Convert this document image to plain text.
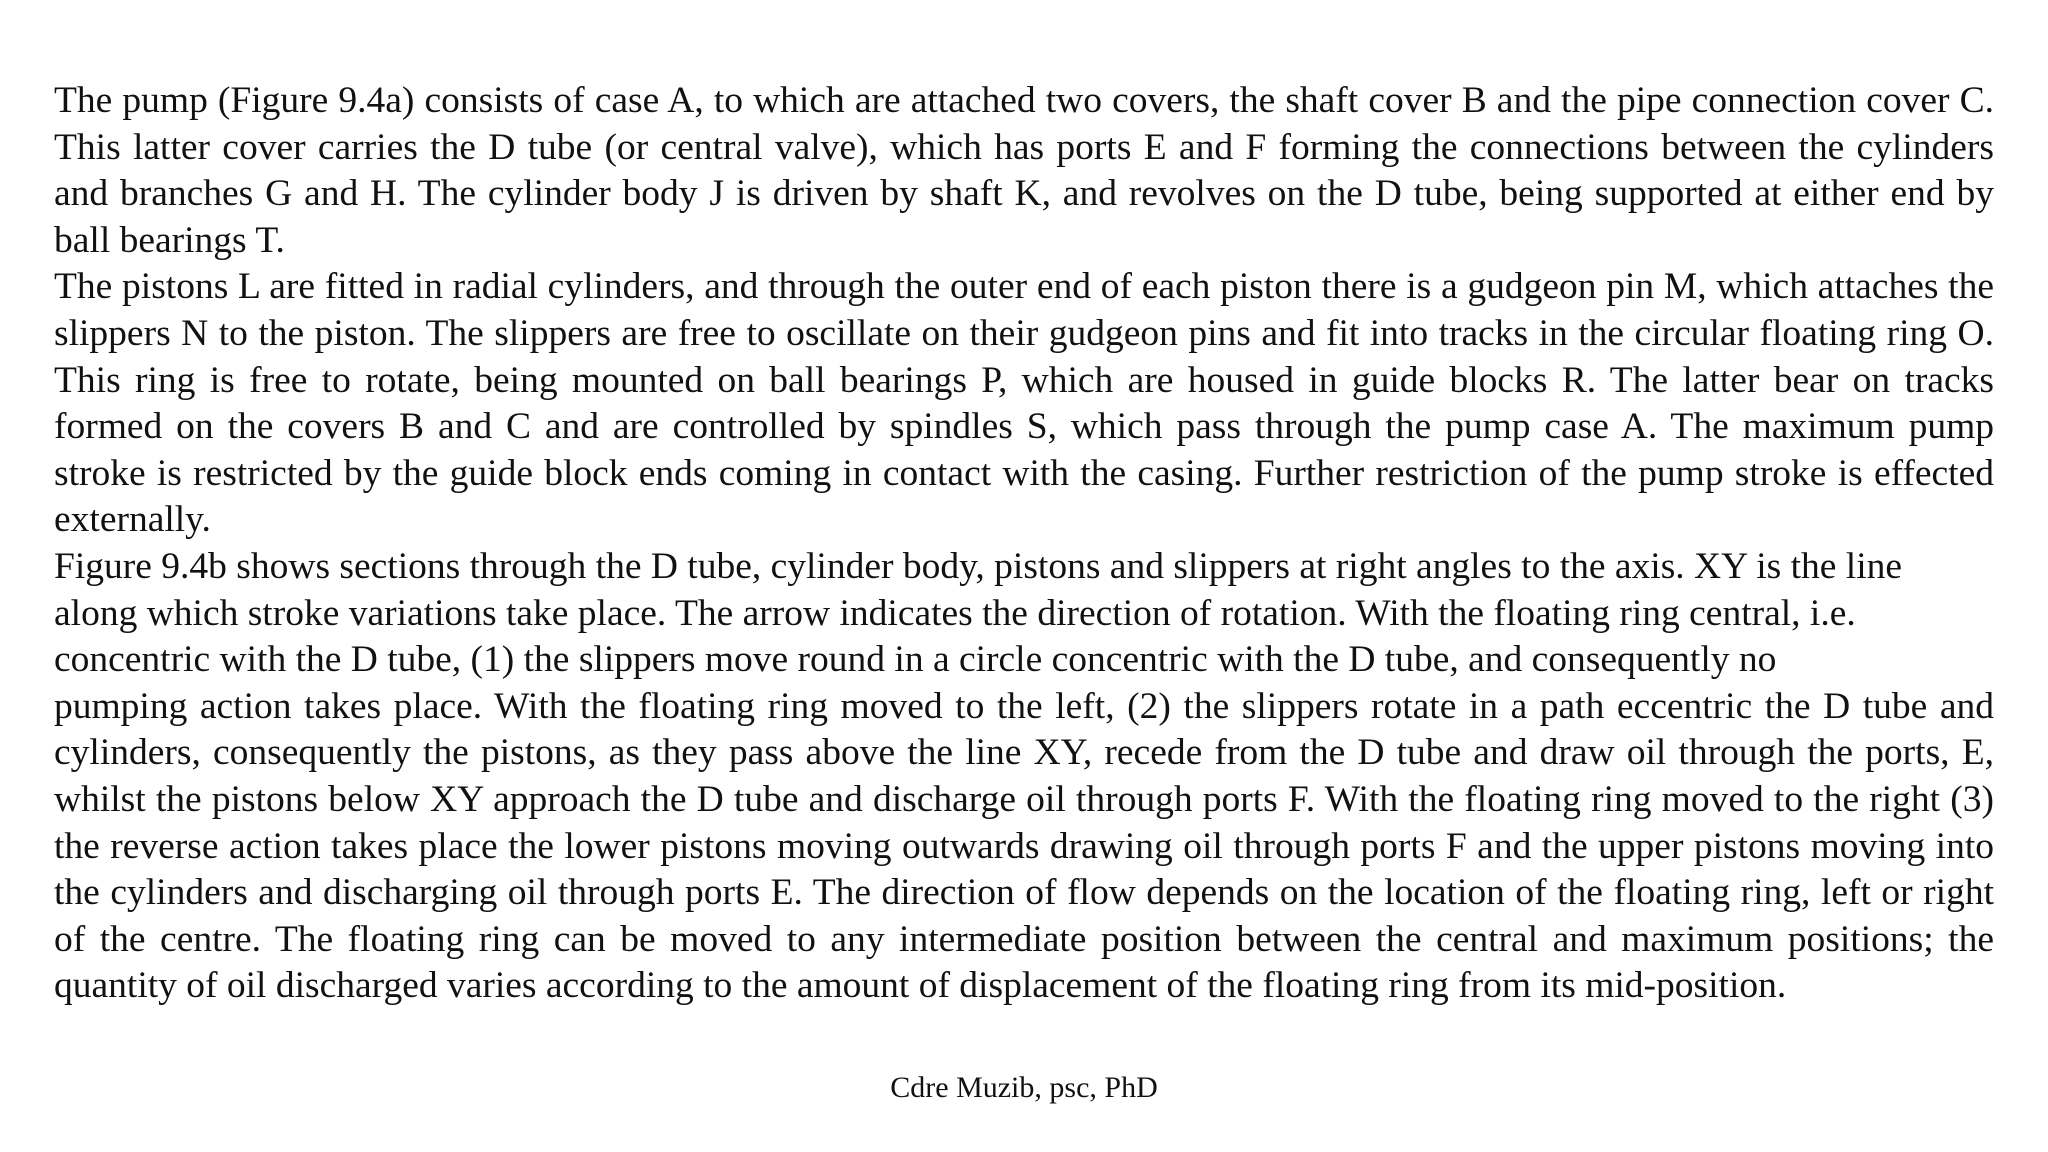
The pump (Figure 9.4a) consists of case A, to which are attached two covers, the shaft cover B and the pipe connection cover C. This latter cover carries the D tube (or central valve), which has ports E and F forming the connections between the cylinders and branches G and H. The cylinder body J is driven by shaft K, and revolves on the D tube, being supported at either end by ball bearings T.

The pistons L are fitted in radial cylinders, and through the outer end of each piston there is a gudgeon pin M, which attaches the slippers N to the piston. The slippers are free to oscillate on their gudgeon pins and fit into tracks in the circular floating ring O. This ring is free to rotate, being mounted on ball bearings P, which are housed in guide blocks R. The latter bear on tracks formed on the covers B and C and are controlled by spindles S, which pass through the pump case A. The maximum pump stroke is restricted by the guide block ends coming in contact with the casing. Further restriction of the pump stroke is effected externally.

Figure 9.4b shows sections through the D tube, cylinder body, pistons and slippers at right angles to the axis. XY is the line along which stroke variations take place. The arrow indicates the direction of rotation. With the floating ring central, i.e. concentric with the D tube, (1) the slippers move round in a circle concentric with the D tube, and consequently no

pumping action takes place. With the floating ring moved to the left, (2) the slippers rotate in a path eccentric the D tube and cylinders, consequently the pistons, as they pass above the line XY, recede from the D tube and draw oil through the ports, E, whilst the pistons below XY approach the D tube and discharge oil through ports F. With the floating ring moved to the right (3) the reverse action takes place the lower pistons moving outwards drawing oil through ports F and the upper pistons moving into the cylinders and discharging oil through ports E. The direction of flow depends on the location of the floating ring, left or right of the centre. The floating ring can be moved to any intermediate position between the central and maximum positions; the quantity of oil discharged varies according to the amount of displacement of the floating ring from its mid-position.

Cdre Muzib, psc, PhD
